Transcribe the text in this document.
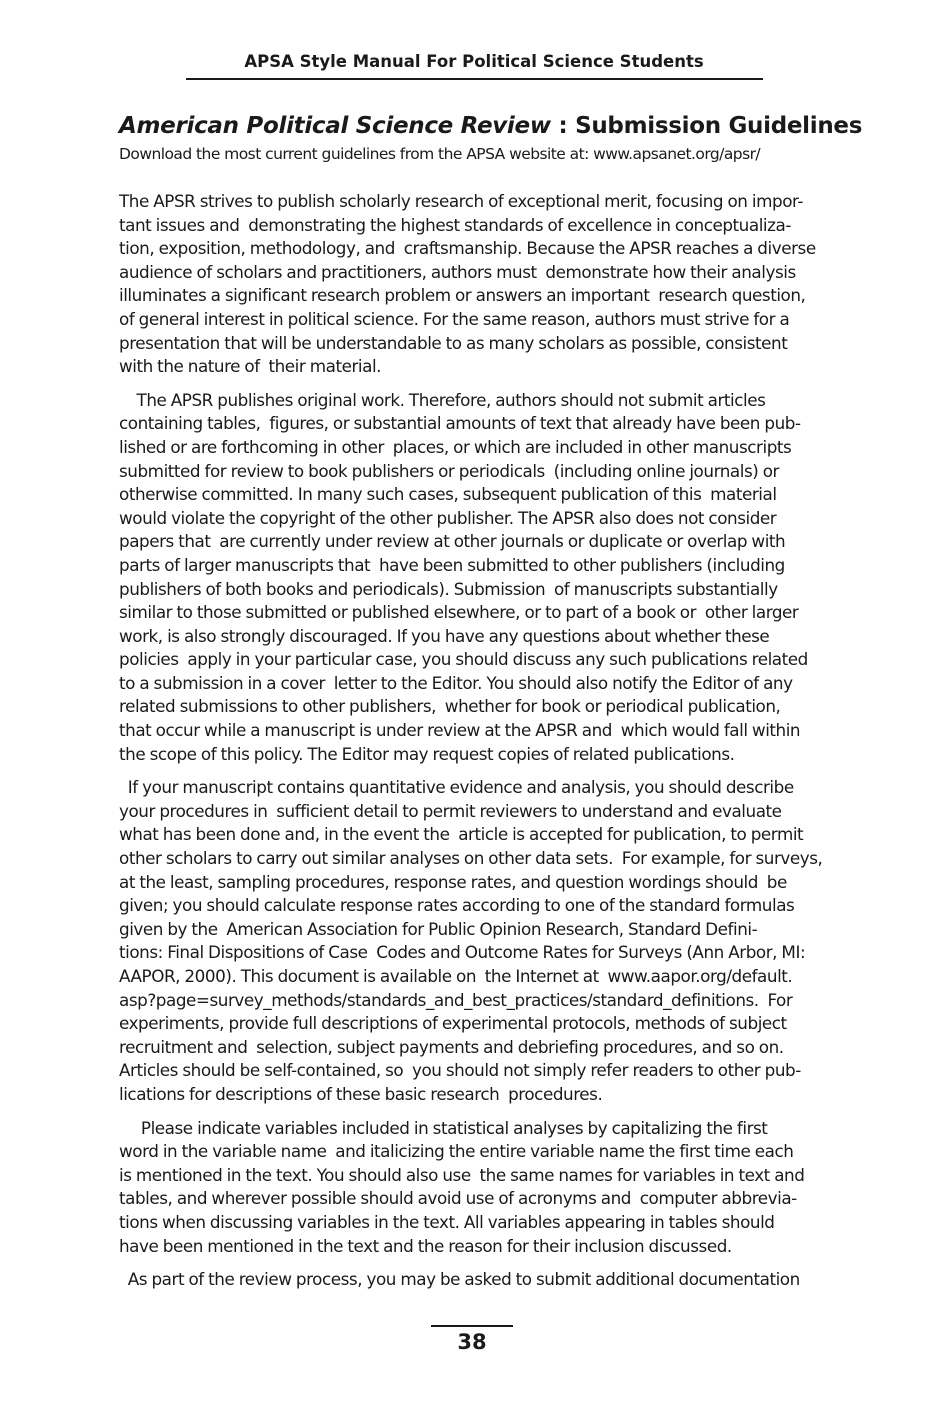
APSA Style Manual For Political Science Students
American Political Science Review : Submission Guidelines
Download the most current guidelines from the APSA website at: www.apsanet.org/apsr/

The APSR strives to publish scholarly research of exceptional merit, focusing on impor-
tant issues and  demonstrating the highest standards of excellence in conceptualiza-
tion, exposition, methodology, and  craftsmanship. Because the APSR reaches a diverse
audience of scholars and practitioners, authors must  demonstrate how their analysis
illuminates a significant research problem or answers an important  research question,
of general interest in political science. For the same reason, authors must strive for a
presentation that will be understandable to as many scholars as possible, consistent
with the nature of  their material.

The APSR publishes original work. Therefore, authors should not submit articles
containing tables,  figures, or substantial amounts of text that already have been pub-
lished or are forthcoming in other  places, or which are included in other manuscripts
submitted for review to book publishers or periodicals  (including online journals) or
otherwise committed. In many such cases, subsequent publication of this  material
would violate the copyright of the other publisher. The APSR also does not consider
papers that  are currently under review at other journals or duplicate or overlap with
parts of larger manuscripts that  have been submitted to other publishers (including
publishers of both books and periodicals). Submission  of manuscripts substantially
similar to those submitted or published elsewhere, or to part of a book or  other larger
work, is also strongly discouraged. If you have any questions about whether these
policies  apply in your particular case, you should discuss any such publications related
to a submission in a cover  letter to the Editor. You should also notify the Editor of any
related submissions to other publishers,  whether for book or periodical publication,
that occur while a manuscript is under review at the APSR and  which would fall within
the scope of this policy. The Editor may request copies of related publications.

If your manuscript contains quantitative evidence and analysis, you should describe
your procedures in  sufficient detail to permit reviewers to understand and evaluate
what has been done and, in the event the  article is accepted for publication, to permit
other scholars to carry out similar analyses on other data sets.  For example, for surveys,
at the least, sampling procedures, response rates, and question wordings should  be
given; you should calculate response rates according to one of the standard formulas
given by the  American Association for Public Opinion Research, Standard Defini-
tions: Final Dispositions of Case  Codes and Outcome Rates for Surveys (Ann Arbor, MI:
AAPOR, 2000). This document is available on  the Internet at  www.aapor.org/default.
asp?page=survey_methods/standards_and_best_practices/standard_definitions.  For
experiments, provide full descriptions of experimental protocols, methods of subject
recruitment and  selection, subject payments and debriefing procedures, and so on.
Articles should be self-contained, so  you should not simply refer readers to other pub-
lications for descriptions of these basic research  procedures.

Please indicate variables included in statistical analyses by capitalizing the first
word in the variable name  and italicizing the entire variable name the first time each
is mentioned in the text. You should also use  the same names for variables in text and
tables, and wherever possible should avoid use of acronyms and  computer abbrevia-
tions when discussing variables in the text. All variables appearing in tables should
have been mentioned in the text and the reason for their inclusion discussed.

As part of the review process, you may be asked to submit additional documentation

38
